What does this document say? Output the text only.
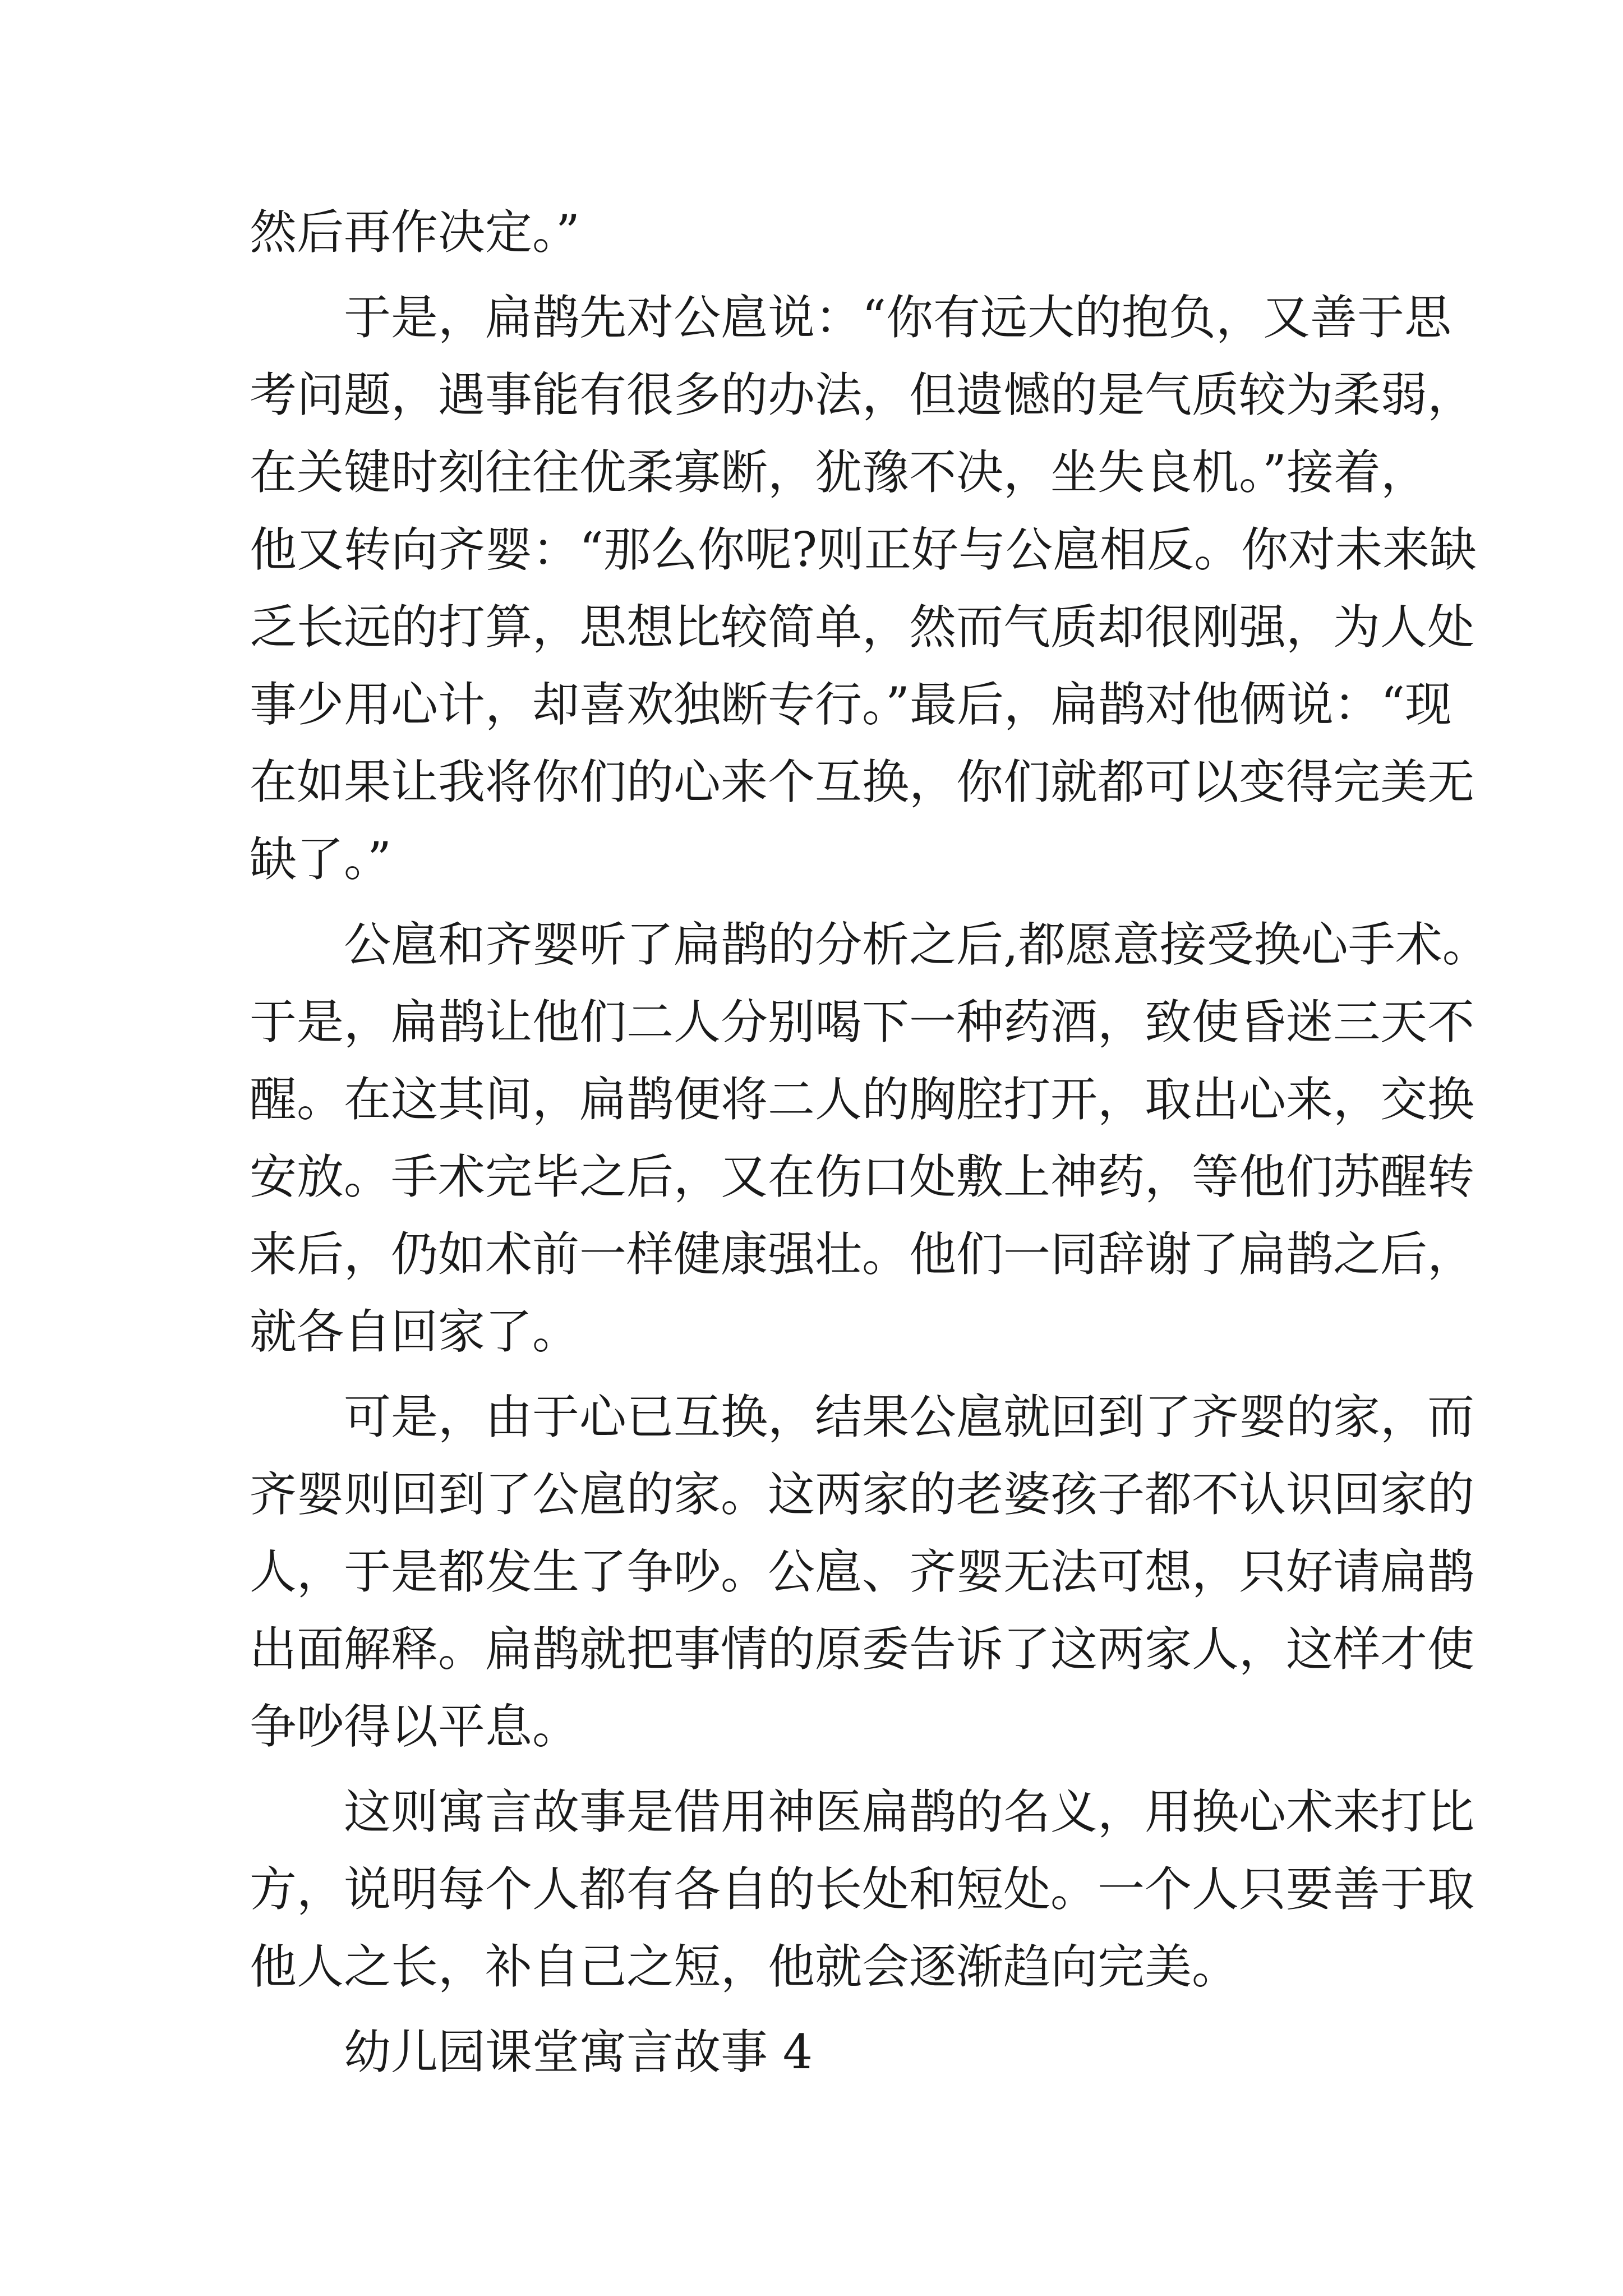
然后再作决定。”
于是，扁鹊先对公扈说：“你有远大的抱负，又善于思
考问题，遇事能有很多的办法，但遗憾的是气质较为柔弱，
在关键时刻往往优柔寡断，犹豫不决，坐失良机。”接着，
他又转向齐婴：“那么你呢?则正好与公扈相反。你对未来缺
乏长远的打算，思想比较简单，然而气质却很刚强，为人处
事少用心计，却喜欢独断专行。”最后，扁鹊对他俩说：“现
在如果让我将你们的心来个互换，你们就都可以变得完美无
缺了。”
公扈和齐婴听了扁鹊的分析之后,都愿意接受换心手术。
于是，扁鹊让他们二人分别喝下一种药酒，致使昏迷三天不
醒。在这其间，扁鹊便将二人的胸腔打开，取出心来，交换
安放。手术完毕之后，又在伤口处敷上神药，等他们苏醒转
来后，仍如术前一样健康强壮。他们一同辞谢了扁鹊之后，
就各自回家了。
可是，由于心已互换，结果公扈就回到了齐婴的家，而
齐婴则回到了公扈的家。这两家的老婆孩子都不认识回家的
人，于是都发生了争吵。公扈、齐婴无法可想，只好请扁鹊
出面解释。扁鹊就把事情的原委告诉了这两家人，这样才使
争吵得以平息。
这则寓言故事是借用神医扁鹊的名义，用换心术来打比
方，说明每个人都有各自的长处和短处。一个人只要善于取
他人之长，补自己之短，他就会逐渐趋向完美。
幼儿园课堂寓言故事 4
